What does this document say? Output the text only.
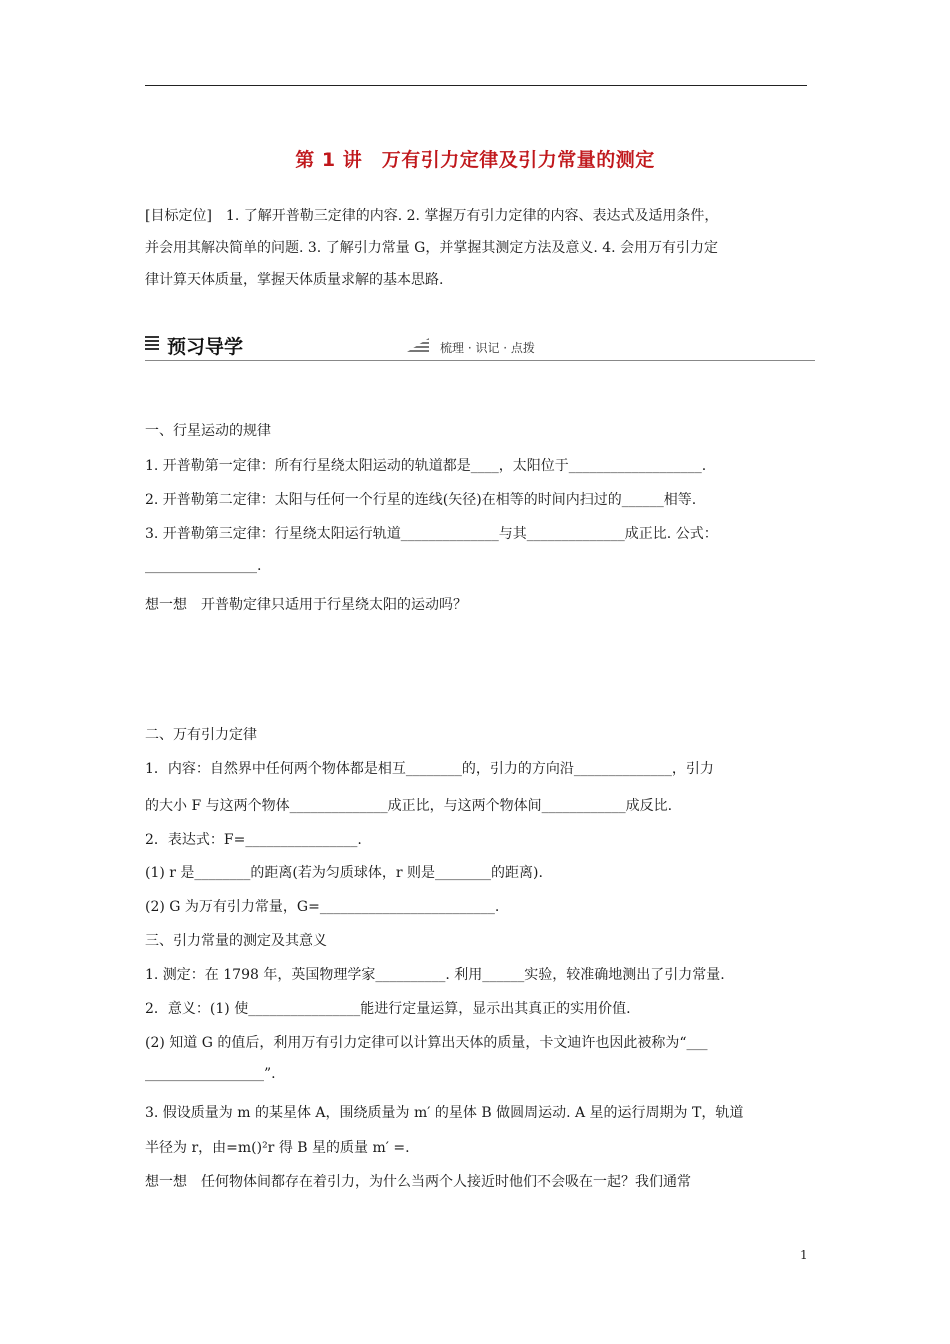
第 1 讲　万有引力定律及引力常量的测定
[目标定位]　1. 了解开普勒三定律的内容. 2. 掌握万有引力定律的内容、表达式及适用条件，
并会用其解决简单的问题. 3. 了解引力常量 G，并掌握其测定方法及意义. 4. 会用万有引力定
律计算天体质量，掌握天体质量求解的基本思路.
预习导学	梳理 · 识记 · 点拨
一、行星运动的规律
1. 开普勒第一定律：所有行星绕太阳运动的轨道都是____，太阳位于___________________.
2. 开普勒第二定律：太阳与任何一个行星的连线(矢径)在相等的时间内扫过的______相等.
3. 开普勒第三定律：行星绕太阳运行轨道______________与其______________成正比. 公式：
________________.
想一想　开普勒定律只适用于行星绕太阳的运动吗？
二、万有引力定律
1．内容：自然界中任何两个物体都是相互________的，引力的方向沿______________，引力
的大小 F 与这两个物体______________成正比，与这两个物体间____________成反比.
2．表达式：F=________________.
(1) r 是________的距离(若为匀质球体，r 则是________的距离).
(2) G 为万有引力常量，G=_________________________.
三、引力常量的测定及其意义
1. 测定：在 1798 年，英国物理学家__________. 利用______实验，较准确地测出了引力常量.
2．意义：(1) 使________________能进行定量运算，显示出其真正的实用价值.
(2) 知道 G 的值后，利用万有引力定律可以计算出天体的质量，卡文迪许也因此被称为“___
_________________”.
3. 假设质量为 m 的某星体 A，围绕质量为 m′ 的星体 B 做圆周运动. A 星的运行周期为 T，轨道
半径为 r，由=m()²r 得 B 星的质量 m′ =.
想一想　任何物体间都存在着引力，为什么当两个人接近时他们不会吸在一起？我们通常
1
